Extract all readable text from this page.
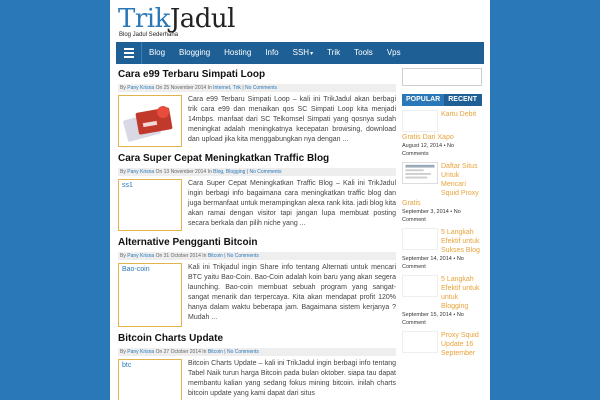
TrikJadul
Blog Jadul Sederhana
Blog	Blogging	Hosting	Info	SSH▾	Trik	Tools	Vps
Cara e99 Terbaru Simpati Loop
By Pany Krisna On 25 November 2014 In Internet, Trik | No Comments
Cara e99 Terbaru Simpati Loop – kali ini TrikJadul akan berbagi trik cara e99 dan menaikan qos SC Simpati Loop kita menjadi 14mbps. manfaat dari SC Telkomsel Simpati yang qosnya sudah meningkat adalah meningkatnya kecepatan browsing, download dan upload jika kita menggabungkan nya dengan ...
Cara Super Cepat Meningkatkan Traffic Blog
By Pany Krisna On 13 November 2014 In Blog, Blogging | No Comments
ss1	Cara Super Cepat Meningkatkan Traffic Blog – Kali ini TrikJadul ingin berbagi info bagaimana cara meningkatkan traffic blog dan juga bermanfaat untuk merampingkan alexa rank kita. jadi blog kita akan ramai dengan visitor tapi jangan lupa membuat posting secara berkala dan pilih niche yang ...
Alternative Pengganti Bitcoin
By Pany Krisna On 31 October 2014 In Bitcoin | No Comments
Bao-coin	Kali ini Trikjadul ingin Share info tentang Alternati untuk mencari BTC yaitu Bao-Coin. Bao-Coin adalah koin baru yang akan segera launching. Bao-coin membuat sebuah program yang sangat-sangat menarik dan terpercaya. Kita akan mendapat profit 120% hanya dalam waktu beberapa jam. Bagaimana sistem kerjanya ? Mudah ...
Bitcoin Charts Update
By Pany Krisna On 27 October 2014 In Bitcoin | No Comments
btc	Bitcoin Charts Update – kali ini TrikJadul ingin berbagi info tentang Tabel Naik turun harga Bitcoin pada bulan oktober. siapa tau dapat membantu kalian yang sedang fokus mining bitcoin. inilah charts bitcoin update yang kami dapat dari situs
POPULAR	RECENT
Kartu Debit
Gratis Dari Xapo
August 12, 2014 • No Comments
Daftar Situs Untuk Mencari Squid Proxy
Gratis
September 3, 2014 • No Comment
5 Langkah Efektif untuk Sukses Blog
September 14, 2014 • No Comment
5 Langkah Efektif untuk untuk Blogging
September 15, 2014 • No Comment
Proxy Squid Update 16 September
